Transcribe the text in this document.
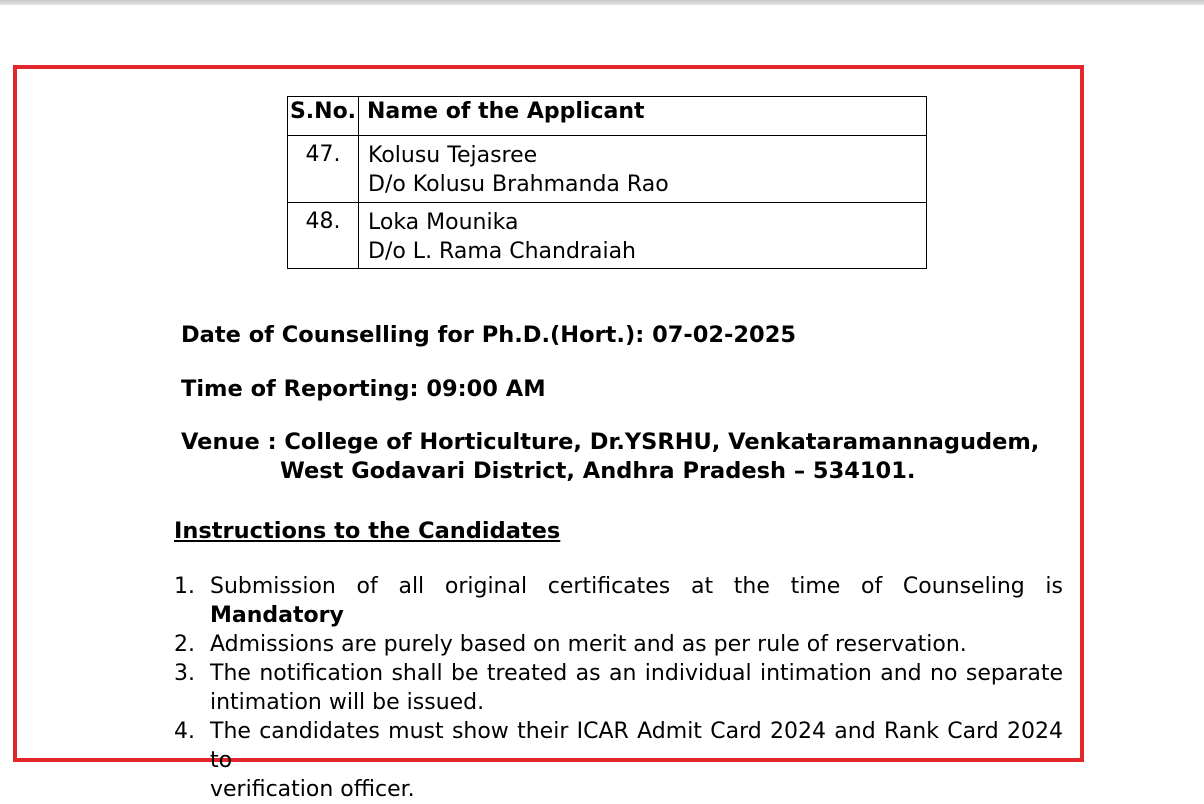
S.No.	Name of the Applicant
47.	Kolusu Tejasree
D/o Kolusu Brahmanda Rao

48.	Loka Mounika
D/o L. Rama Chandraiah
Date of Counselling for Ph.D.(Hort.): 07-02-2025
Time of Reporting: 09:00 AM
Venue : College of Horticulture, Dr.YSRHU, Venkataramannagudem,
West Godavari District, Andhra Pradesh – 534101.
Instructions to the Candidates
1. Submission of all original certificates at the time of Counseling is Mandatory
2. Admissions are purely based on merit and as per rule of reservation.
3. The notification shall be treated as an individual intimation and no separate
intimation will be issued.
4. The candidates must show their ICAR Admit Card 2024 and Rank Card 2024 to
verification officer.
